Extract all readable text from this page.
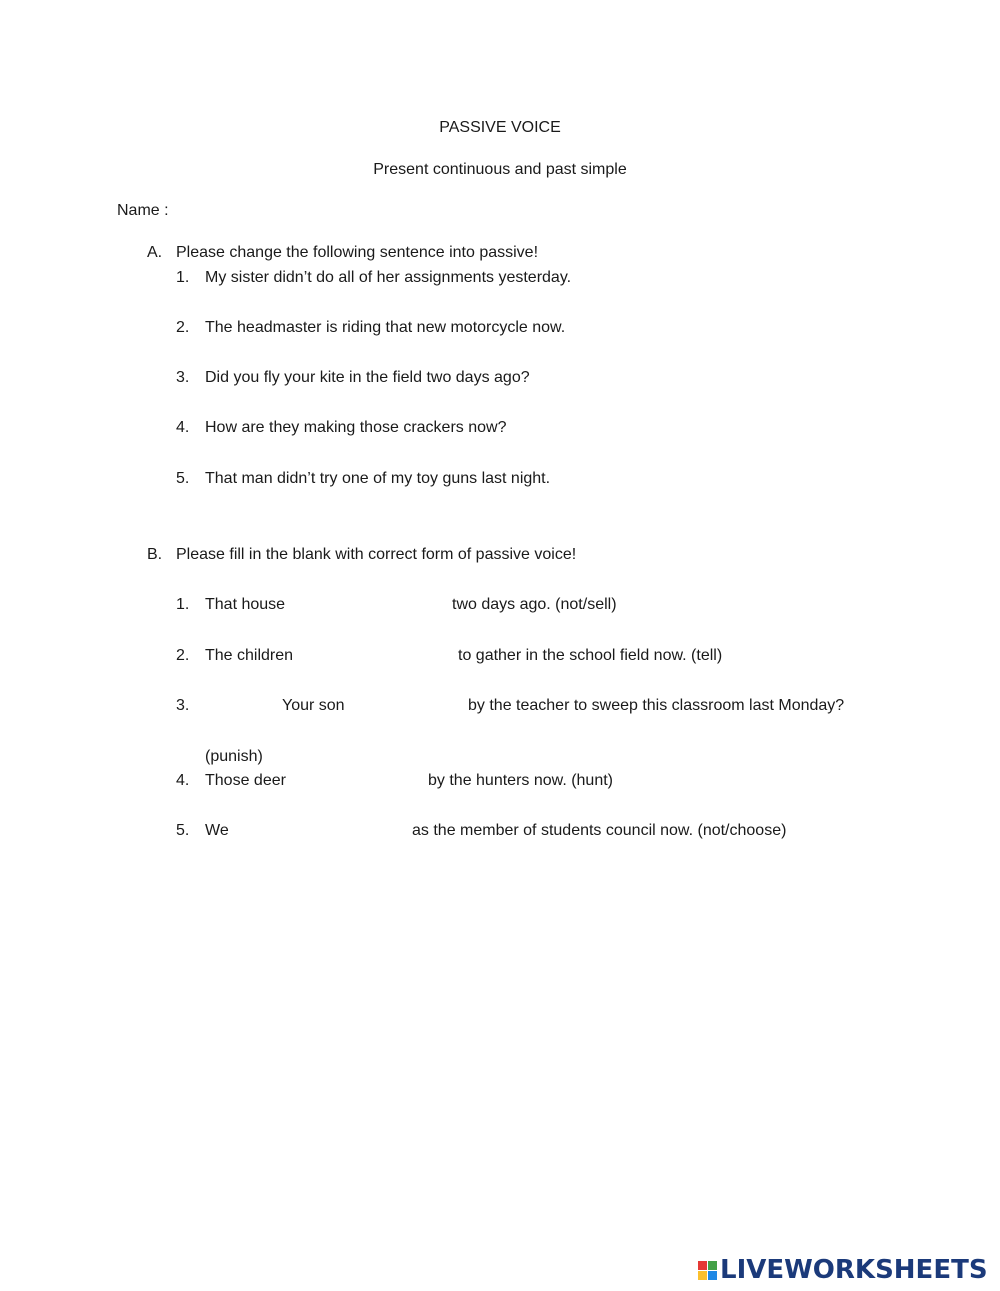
PASSIVE VOICE
Present continuous and past simple
Name :
A. Please change the following sentence into passive!
1. My sister didn’t do all of her assignments yesterday.
2. The headmaster is riding that new motorcycle now.
3. Did you fly your kite in the field two days ago?
4. How are they making those crackers now?
5. That man didn’t try one of my toy guns last night.
B. Please fill in the blank with correct form of passive voice!
1. That house	two days ago. (not/sell)
2. The children	to gather in the school field now. (tell)
3.	Your son	by the teacher to sweep this classroom last Monday?
(punish)
4. Those deer	by the hunters now. (hunt)
5. We	as the member of students council now. (not/choose)
LIVEWORKSHEETS
